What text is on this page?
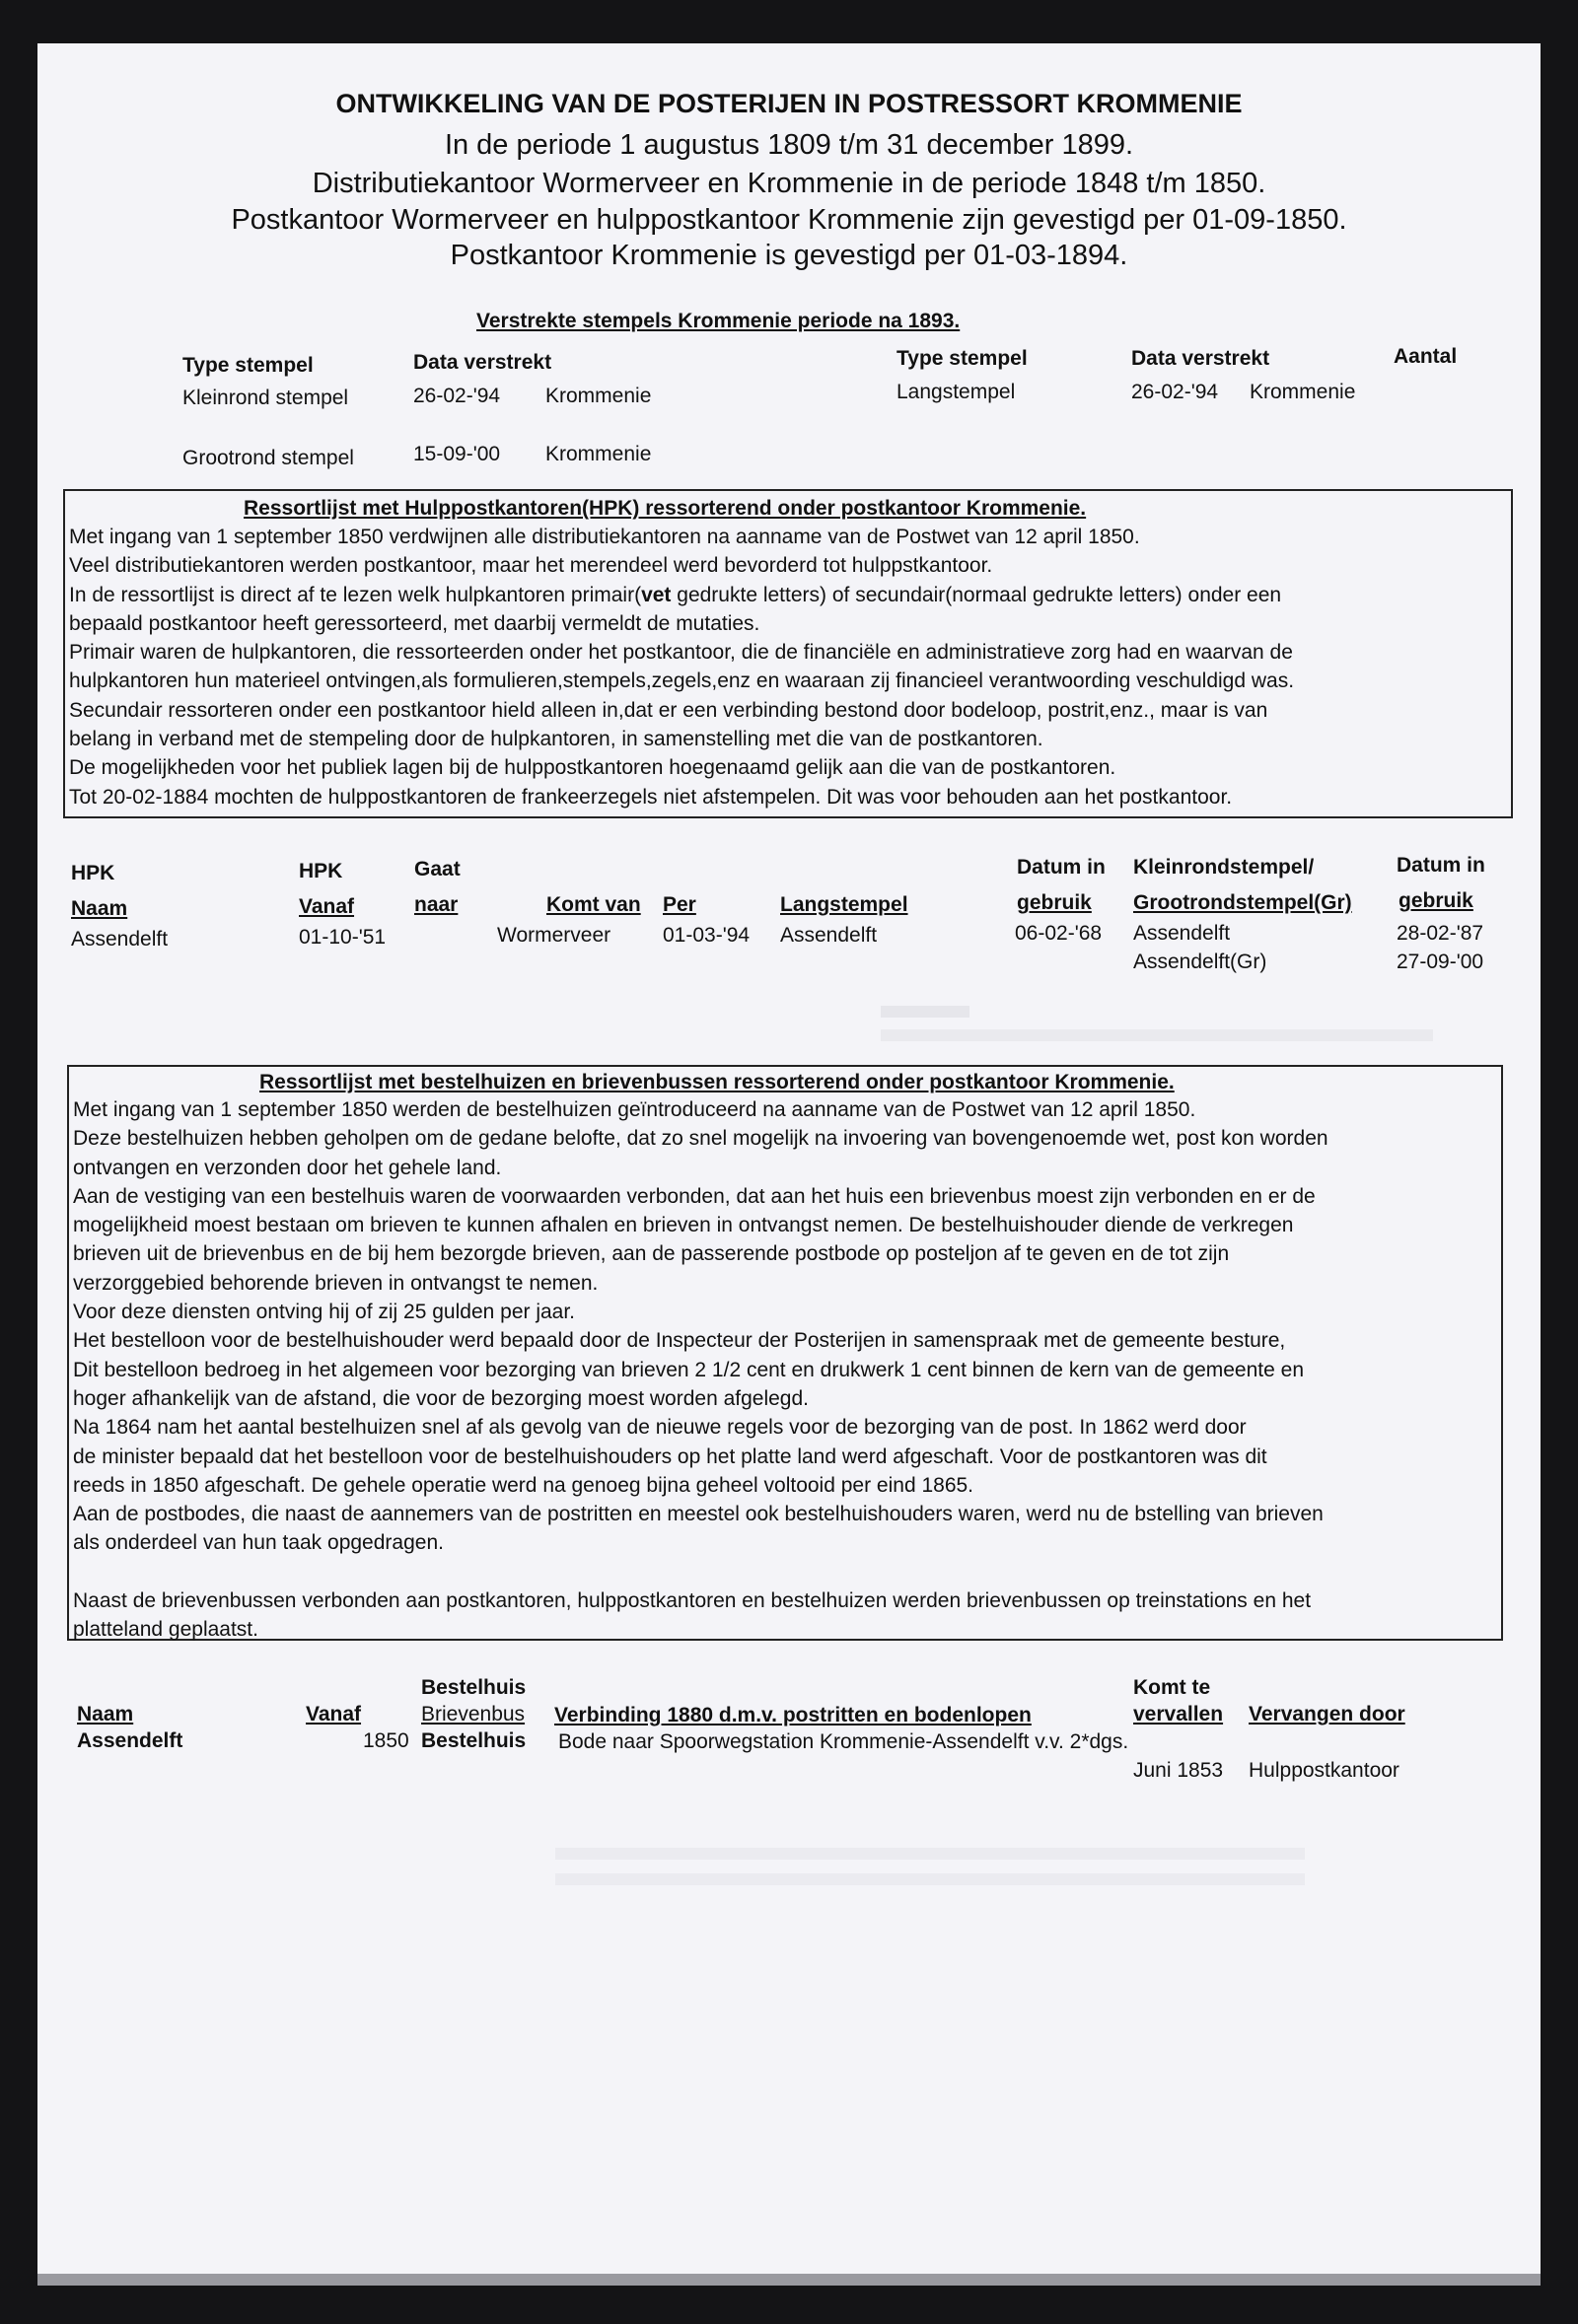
ONTWIKKELING VAN DE POSTERIJEN IN POSTRESSORT KROMMENIE
In de periode 1 augustus 1809 t/m 31 december 1899.
Distributiekantoor Wormerveer en Krommenie in de periode 1848 t/m 1850.
Postkantoor Wormerveer en hulppostkantoor Krommenie zijn gevestigd per 01-09-1850.
Postkantoor Krommenie is gevestigd per 01-03-1894.
Verstrekte stempels Krommenie periode na 1893.
Type stempel	Data verstrekt	Type stempel	Data verstrekt	Aantal
Kleinrond stempel	26-02-'94 Krommenie
Grootrond stempel	15-09-'00 Krommenie
Langstempel	26-02-'94 Krommenie
Ressortlijst met Hulppostkantoren(HPK) ressorterend onder postkantoor Krommenie.
Met ingang van 1 september 1850 verdwijnen alle distributiekantoren na aanname van de Postwet van 12 april 1850.
Veel distributiekantoren werden postkantoor, maar het merendeel werd bevorderd tot hulppstkantoor.
In de ressortlijst is direct af te lezen welk hulpkantoren primair(vet gedrukte letters) of secundair(normaal gedrukte letters) onder een
bepaald postkantoor heeft geressorteerd, met daarbij vermeldt de mutaties.
Primair waren de hulpkantoren, die ressorteerden onder het postkantoor, die de financiële en administratieve zorg had en waarvan de
hulpkantoren hun materieel ontvingen,als formulieren,stempels,zegels,enz en waaraan zij financieel verantwoording veschuldigd was.
Secundair ressorteren onder een postkantoor hield alleen in,dat er een verbinding bestond door bodeloop, postrit,enz., maar is van
belang in verband met de stempeling door de hulpkantoren, in samenstelling met die van de postkantoren.
De mogelijkheden voor het publiek lagen bij de hulppostkantoren hoegenaamd gelijk aan die van de postkantoren.
Tot 20-02-1884 mochten de hulppostkantoren de frankeerzegels niet afstempelen. Dit was voor behouden aan het postkantoor.
HPK
Naam
HPK
Vanaf
Gaat
naar	Komt van Per	Langstempel
Datum in
gebruik
Kleinrondstempel/
Grootrondstempel(Gr)
Datum in
gebruik
Assendelft	01-10-'51	Wormerveer	01-03-'94 Assendelft	06-02-'68 Assendelft	28-02-'87
Assendelft(Gr)	27-09-'00
Ressortlijst met bestelhuizen en brievenbussen ressorterend onder postkantoor Krommenie.
Met ingang van 1 september 1850 werden de bestelhuizen geïntroduceerd na aanname van de Postwet van 12 april 1850.
Deze bestelhuizen hebben geholpen om de gedane belofte, dat zo snel mogelijk na invoering van bovengenoemde wet, post kon worden
ontvangen en verzonden door het gehele land.
Aan de vestiging van een bestelhuis waren de voorwaarden verbonden, dat aan het huis een brievenbus moest zijn verbonden en er de
mogelijkheid moest bestaan om brieven te kunnen afhalen en brieven in ontvangst nemen. De bestelhuishouder diende de verkregen
brieven uit de brievenbus en de bij hem bezorgde brieven, aan de passerende postbode op posteljon af te geven en de tot zijn
verzorggebied behorende brieven in ontvangst te nemen.
Voor deze diensten ontving hij of zij 25 gulden per jaar.
Het bestelloon voor de bestelhuishouder werd bepaald door de Inspecteur der Posterijen in samenspraak met de gemeente besture,
Dit bestelloon bedroeg in het algemeen voor bezorging van brieven 2 1/2 cent en drukwerk 1 cent binnen de kern van de gemeente en
hoger afhankelijk van de afstand, die voor de bezorging moest worden afgelegd.
Na 1864 nam het aantal bestelhuizen snel af als gevolg van de nieuwe regels voor de bezorging van de post. In 1862 werd door
de minister bepaald dat het bestelloon voor de bestelhuishouders op het platte land werd afgeschaft. Voor de postkantoren was dit
reeds in 1850 afgeschaft. De gehele operatie werd na genoeg bijna geheel voltooid per eind 1865.
Aan de postbodes, die naast de aannemers van de postritten en meestel ook bestelhuishouders waren, werd nu de bstelling van brieven
als onderdeel van hun taak opgedragen.
Naast de brievenbussen verbonden aan postkantoren, hulppostkantoren en bestelhuizen werden brievenbussen op treinstations en het
platteland geplaatst.
Bestelhuis	Komt te
Naam	Vanaf	Brievenbus Verbinding 1880 d.m.v. postritten en bodenlopen	vervallen Vervangen door
Assendelft	1850 Bestelhuis Bode naar Spoorwegstation Krommenie-Assendelft v.v. 2*dgs.
Juni 1853 Hulppostkantoor
